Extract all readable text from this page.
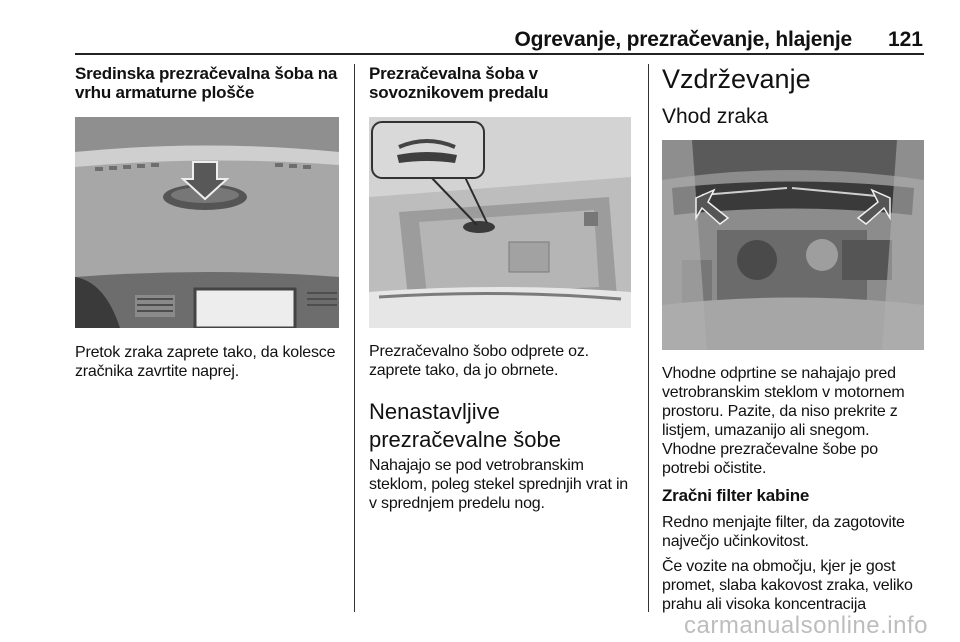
Ogrevanje, prezračevanje, hlajenje 121
Sredinska prezračevalna šoba na
vrhu armaturne plošče

Pretok zraka zaprete tako, da kolesce

zračnika zavrtite naprej.

Prezračevalna šoba v
sovoznikovem predalu

Prezračevalno šobo odprete oz.

zaprete tako, da jo obrnete.

Nenastavljive
prezračevalne šobe

Nahajajo se pod vetrobranskim

steklom, poleg stekel sprednjih vrat in

v sprednjem predelu nog.

Vzdrževanje
Vhod zraka

Vhodne odprtine se nahajajo pred

vetrobranskim steklom v motornem

prostoru. Pazite, da niso prekrite z

listjem, umazanijo ali snegom.

Vhodne prezračevalne šobe po

potrebi očistite.

Zračni filter kabine

Redno menjajte filter, da zagotovite

največjo učinkovitost.

Če vozite na območju, kjer je gost

promet, slaba kakovost zraka, veliko

prahu ali visoka koncentracija

carmanualsonline.info
